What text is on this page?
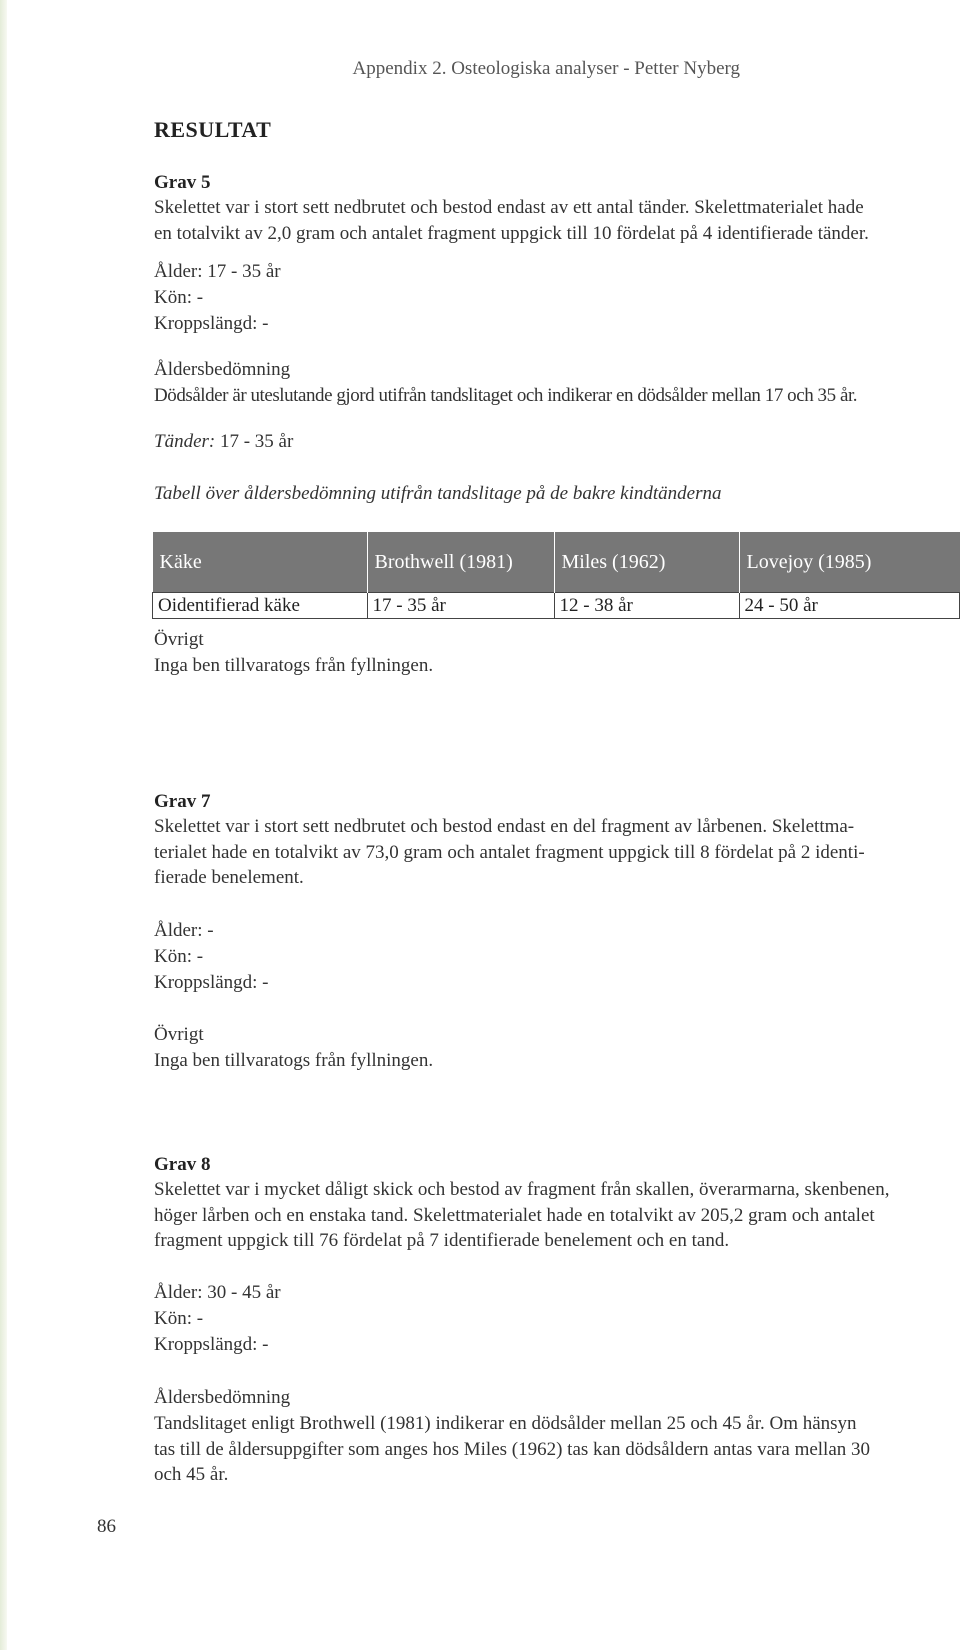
Appendix 2. Osteologiska analyser - Petter Nyberg
RESULTAT
Grav 5
Skelettet var i stort sett nedbrutet och bestod endast av ett antal tänder. Skelettmaterialet hade
en totalvikt av 2,0 gram och antalet fragment uppgick till 10 fördelat på 4 identifierade tänder.
Ålder: 17 - 35 år
Kön: -
Kroppslängd: -
Åldersbedömning
Dödsålder är uteslutande gjord utifrån tandslitaget och indikerar en dödsålder mellan 17 och 35 år.
Tänder: 17 - 35 år
Tabell över åldersbedömning utifrån tandslitage på de bakre kindtänderna
Käke	Brothwell (1981)	Miles (1962)	Lovejoy (1985)
Oidentifierad käke	17 - 35 år	12 - 38 år	24 - 50 år
Övrigt
Inga ben tillvaratogs från fyllningen.
Grav 7
Skelettet var i stort sett nedbrutet och bestod endast en del fragment av lårbenen. Skelettma-
terialet hade en totalvikt av 73,0 gram och antalet fragment uppgick till 8 fördelat på 2 identi-
fierade benelement.
Ålder: -
Kön: -
Kroppslängd: -
Övrigt
Inga ben tillvaratogs från fyllningen.
Grav 8
Skelettet var i mycket dåligt skick och bestod av fragment från skallen, överarmarna, skenbenen,
höger lårben och en enstaka tand. Skelettmaterialet hade en totalvikt av 205,2 gram och antalet
fragment uppgick till 76 fördelat på 7 identifierade benelement och en tand.
Ålder: 30 - 45 år
Kön: -
Kroppslängd: -
Åldersbedömning
Tandslitaget enligt Brothwell (1981) indikerar en dödsålder mellan 25 och 45 år. Om hänsyn
tas till de åldersuppgifter som anges hos Miles (1962) tas kan dödsåldern antas vara mellan 30
och 45 år.
86
